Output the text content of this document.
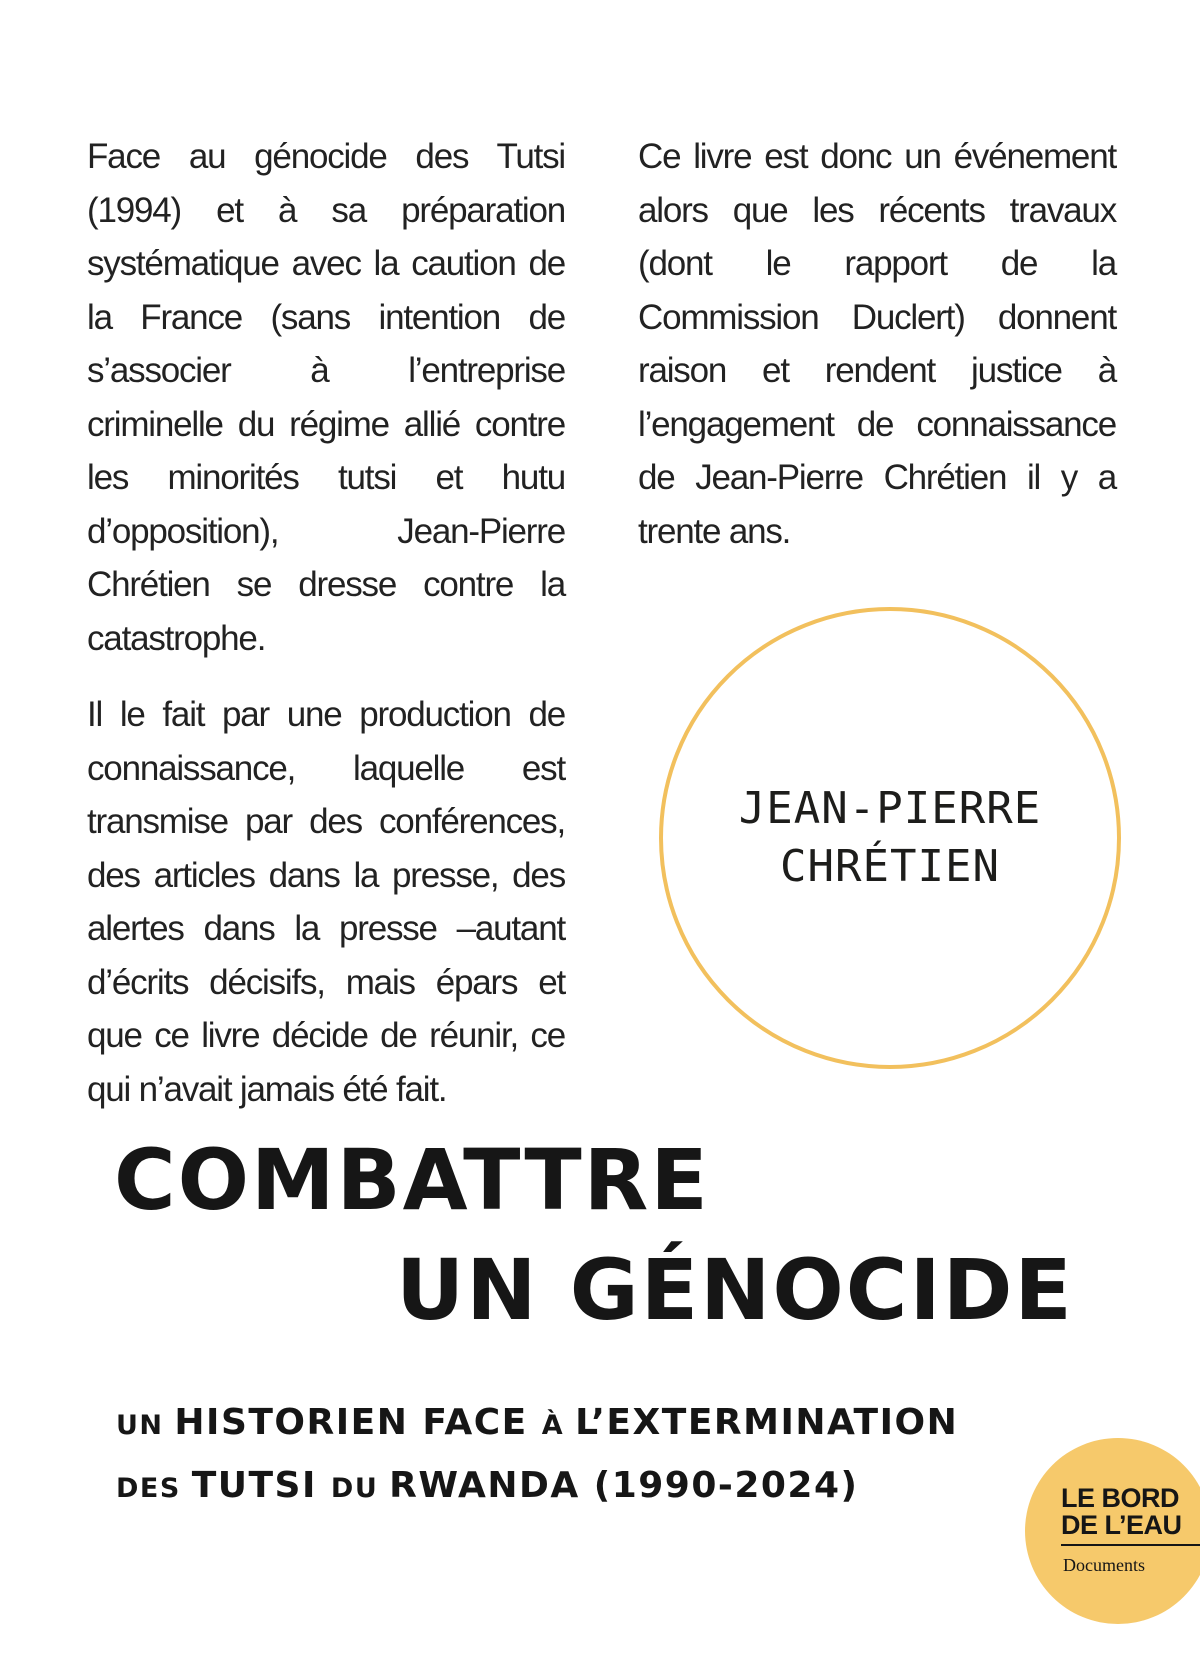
Face au génocide des Tutsi (1994) et à sa préparation systématique avec la caution de la France (sans intention de s’associer à l’entreprise criminelle du régime allié contre les minorités tutsi et hutu d’opposition), Jean-Pierre Chrétien se dresse contre la catastrophe.

Il le fait par une production de connaissance, laquelle est transmise par des conférences, des articles dans la presse, des alertes dans la presse –autant d’écrits décisifs, mais épars et que ce livre décide de réunir, ce qui n’avait jamais été fait.

Ce livre est donc un événement alors que les récents travaux (dont le rapport de la Commission Duclert) donnent raison et rendent justice à l’engagement de connaissance de Jean-Pierre Chrétien il y a trente ans.

JEAN-PIERRE
CHRÉTIEN
COMBATTRE
UN GÉNOCIDE
UN HISTORIEN FACE À L’EXTERMINATION
DES TUTSI DU RWANDA (1990-2024)	LE BORD
DE L’EAU
Documents
